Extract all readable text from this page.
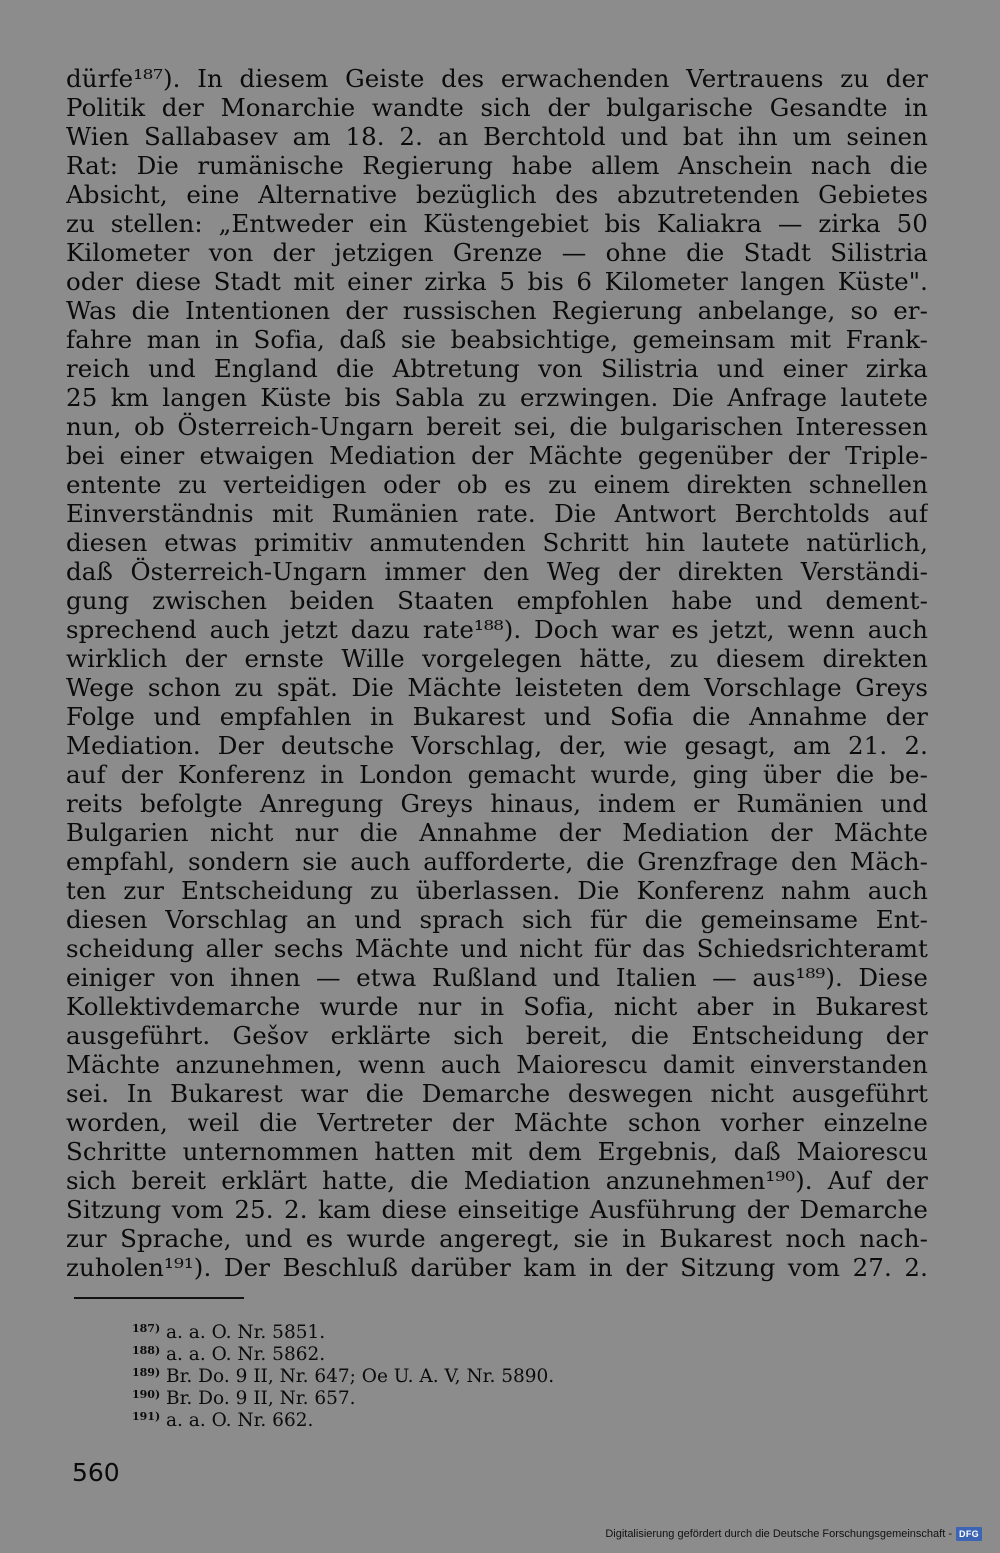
dürfe¹⁸⁷). In diesem Geiste des erwachenden Vertrauens zu der
Politik der Monarchie wandte sich der bulgarische Gesandte in
Wien Sallabasev am 18. 2. an Berchtold und bat ihn um seinen
Rat: Die rumänische Regierung habe allem Anschein nach die
Absicht, eine Alternative bezüglich des abzutretenden Gebietes
zu stellen: „Entweder ein Küstengebiet bis Kaliakra — zirka 50
Kilometer von der jetzigen Grenze — ohne die Stadt Silistria
oder diese Stadt mit einer zirka 5 bis 6 Kilometer langen Küste".
Was die Intentionen der russischen Regierung anbelange, so er-
fahre man in Sofia, daß sie beabsichtige, gemeinsam mit Frank-
reich und England die Abtretung von Silistria und einer zirka
25 km langen Küste bis Sabla zu erzwingen. Die Anfrage lautete
nun, ob Österreich-Ungarn bereit sei, die bulgarischen Interessen
bei einer etwaigen Mediation der Mächte gegenüber der Triple-
entente zu verteidigen oder ob es zu einem direkten schnellen
Einverständnis mit Rumänien rate. Die Antwort Berchtolds auf
diesen etwas primitiv anmutenden Schritt hin lautete natürlich,
daß Österreich-Ungarn immer den Weg der direkten Verständi-
gung zwischen beiden Staaten empfohlen habe und dement-
sprechend auch jetzt dazu rate¹⁸⁸). Doch war es jetzt, wenn auch
wirklich der ernste Wille vorgelegen hätte, zu diesem direkten
Wege schon zu spät. Die Mächte leisteten dem Vorschlage Greys
Folge und empfahlen in Bukarest und Sofia die Annahme der
Mediation. Der deutsche Vorschlag, der, wie gesagt, am 21. 2.
auf der Konferenz in London gemacht wurde, ging über die be-
reits befolgte Anregung Greys hinaus, indem er Rumänien und
Bulgarien nicht nur die Annahme der Mediation der Mächte
empfahl, sondern sie auch aufforderte, die Grenzfrage den Mäch-
ten zur Entscheidung zu überlassen. Die Konferenz nahm auch
diesen Vorschlag an und sprach sich für die gemeinsame Ent-
scheidung aller sechs Mächte und nicht für das Schiedsrichteramt
einiger von ihnen — etwa Rußland und Italien — aus¹⁸⁹). Diese
Kollektivdemarche wurde nur in Sofia, nicht aber in Bukarest
ausgeführt. Gešov erklärte sich bereit, die Entscheidung der
Mächte anzunehmen, wenn auch Maiorescu damit einverstanden
sei. In Bukarest war die Demarche deswegen nicht ausgeführt
worden, weil die Vertreter der Mächte schon vorher einzelne
Schritte unternommen hatten mit dem Ergebnis, daß Maiorescu
sich bereit erklärt hatte, die Mediation anzunehmen¹⁹⁰). Auf der
Sitzung vom 25. 2. kam diese einseitige Ausführung der Demarche
zur Sprache, und es wurde angeregt, sie in Bukarest noch nach-
zuholen¹⁹¹). Der Beschluß darüber kam in der Sitzung vom 27. 2.
187) a. a. O. Nr. 5851.
188) a. a. O. Nr. 5862.
189) Br. Do. 9 II, Nr. 647; Oe U. A. V, Nr. 5890.
190) Br. Do. 9 II, Nr. 657.
191) a. a. O. Nr. 662.
560
Digitalisierung gefördert durch die Deutsche Forschungsgemeinschaft - DFG
